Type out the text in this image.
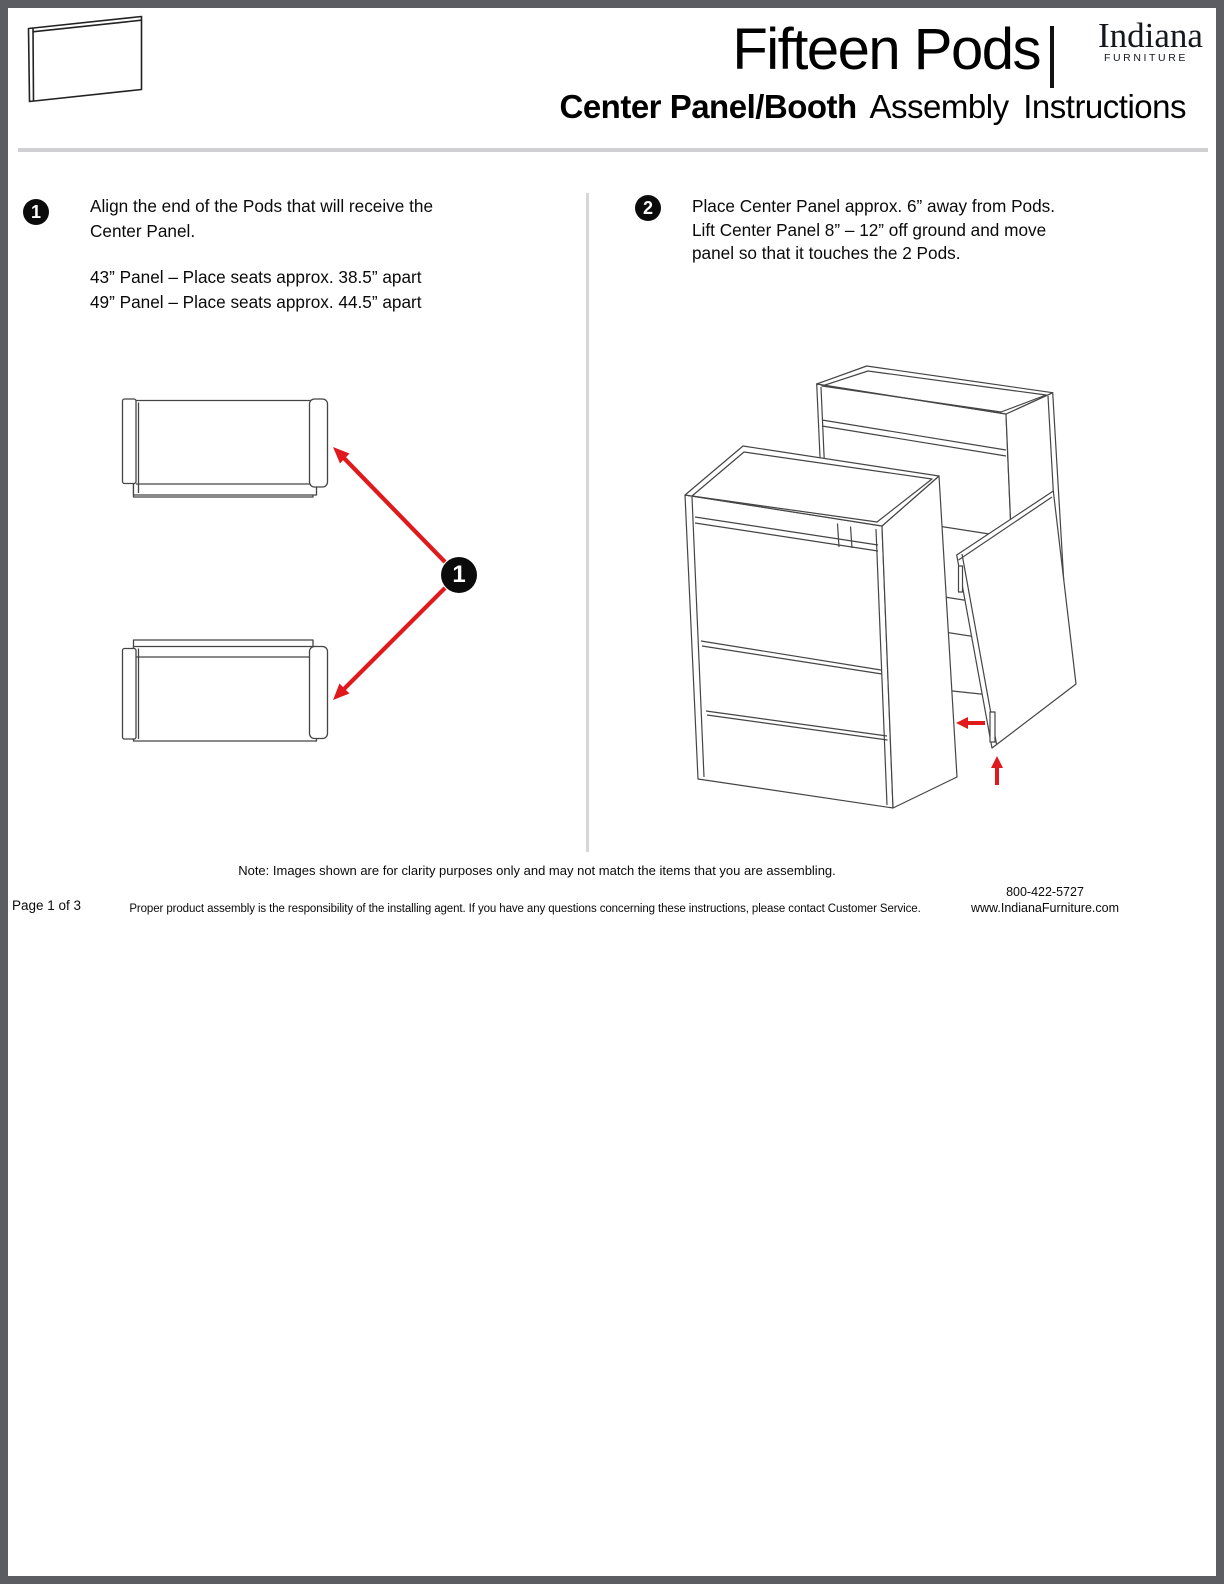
Fifteen Pods Indiana
FURNITURE
Center Panel/Booth Assembly Instructions
1	Align the end of the Pods that will receive the

Center Panel.

43” Panel – Place seats approx. 38.5” apart

49” Panel – Place seats approx. 44.5” apart

1
2	Place Center Panel approx. 6” away from Pods.

Lift Center Panel 8” – 12” off ground and move

panel so that it touches the 2 Pods.

Note: Images shown are for clarity purposes only and may not match the items that you are assembling.
Page 1 of 3	Proper product assembly is the responsibility of the installing agent. If you have any questions concerning these instructions, please contact Customer Service.
800-422-5727
www.IndianaFurniture.com
